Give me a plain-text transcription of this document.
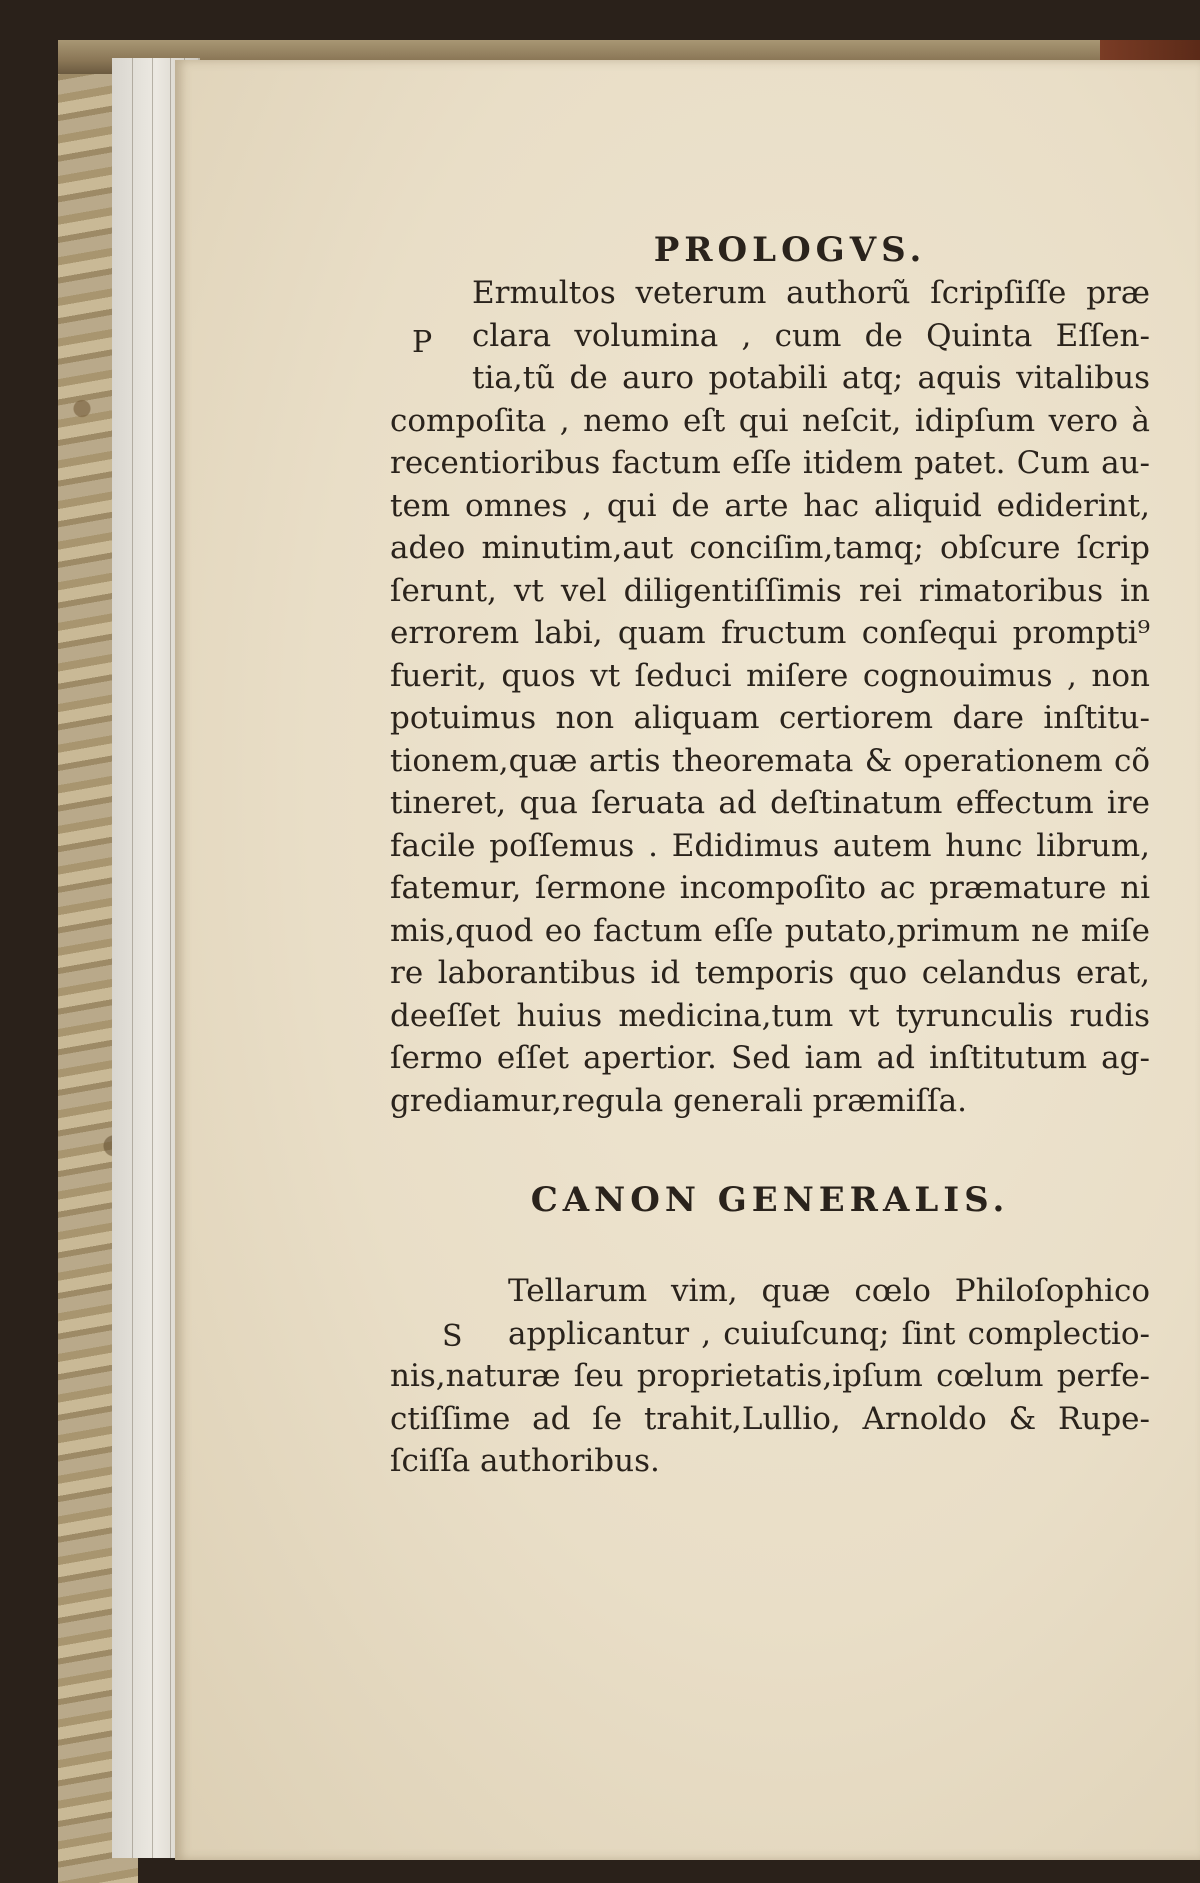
PROLOGVS.
P
Ermultos veterum authorũ ſcripſiſſe præ
clara volumina , cum de Quinta Eſſen-
tia,tũ de auro potabili atq; aquis vitalibus
compoſita , nemo eſt qui neſcit, idipſum vero à
recentioribus factum eſſe itidem patet. Cum au-
tem omnes , qui de arte hac aliquid ediderint,
adeo minutim,aut conciſim,tamq; obſcure ſcrip
ſerunt, vt vel diligentiſſimis rei rimatoribus in
errorem labi, quam fructum conſequi prompti⁹
fuerit, quos vt ſeduci miſere cognouimus , non
potuimus non aliquam certiorem dare inſtitu-
tionem,quæ artis theoremata & operationem cõ
tineret, qua ſeruata ad deſtinatum effectum ire
facile poſſemus . Edidimus autem hunc librum,
fatemur, ſermone incompoſito ac præmature ni
mis,quod eo factum eſſe putato,primum ne miſe
re laborantibus id temporis quo celandus erat,
deeſſet huius medicina,tum vt tyrunculis rudis
ſermo eſſet apertior. Sed iam ad inſtitutum ag-
grediamur,regula generali præmiſſa.
CANON GENERALIS.
S
Tellarum vim, quæ cœlo Philoſophico
applicantur , cuiuſcunq; ſint complectio-
nis,naturæ ſeu proprietatis,ipſum cœlum perfe-
ctiſſime ad ſe trahit,Lullio, Arnoldo & Rupe-
ſciſſa authoribus.
